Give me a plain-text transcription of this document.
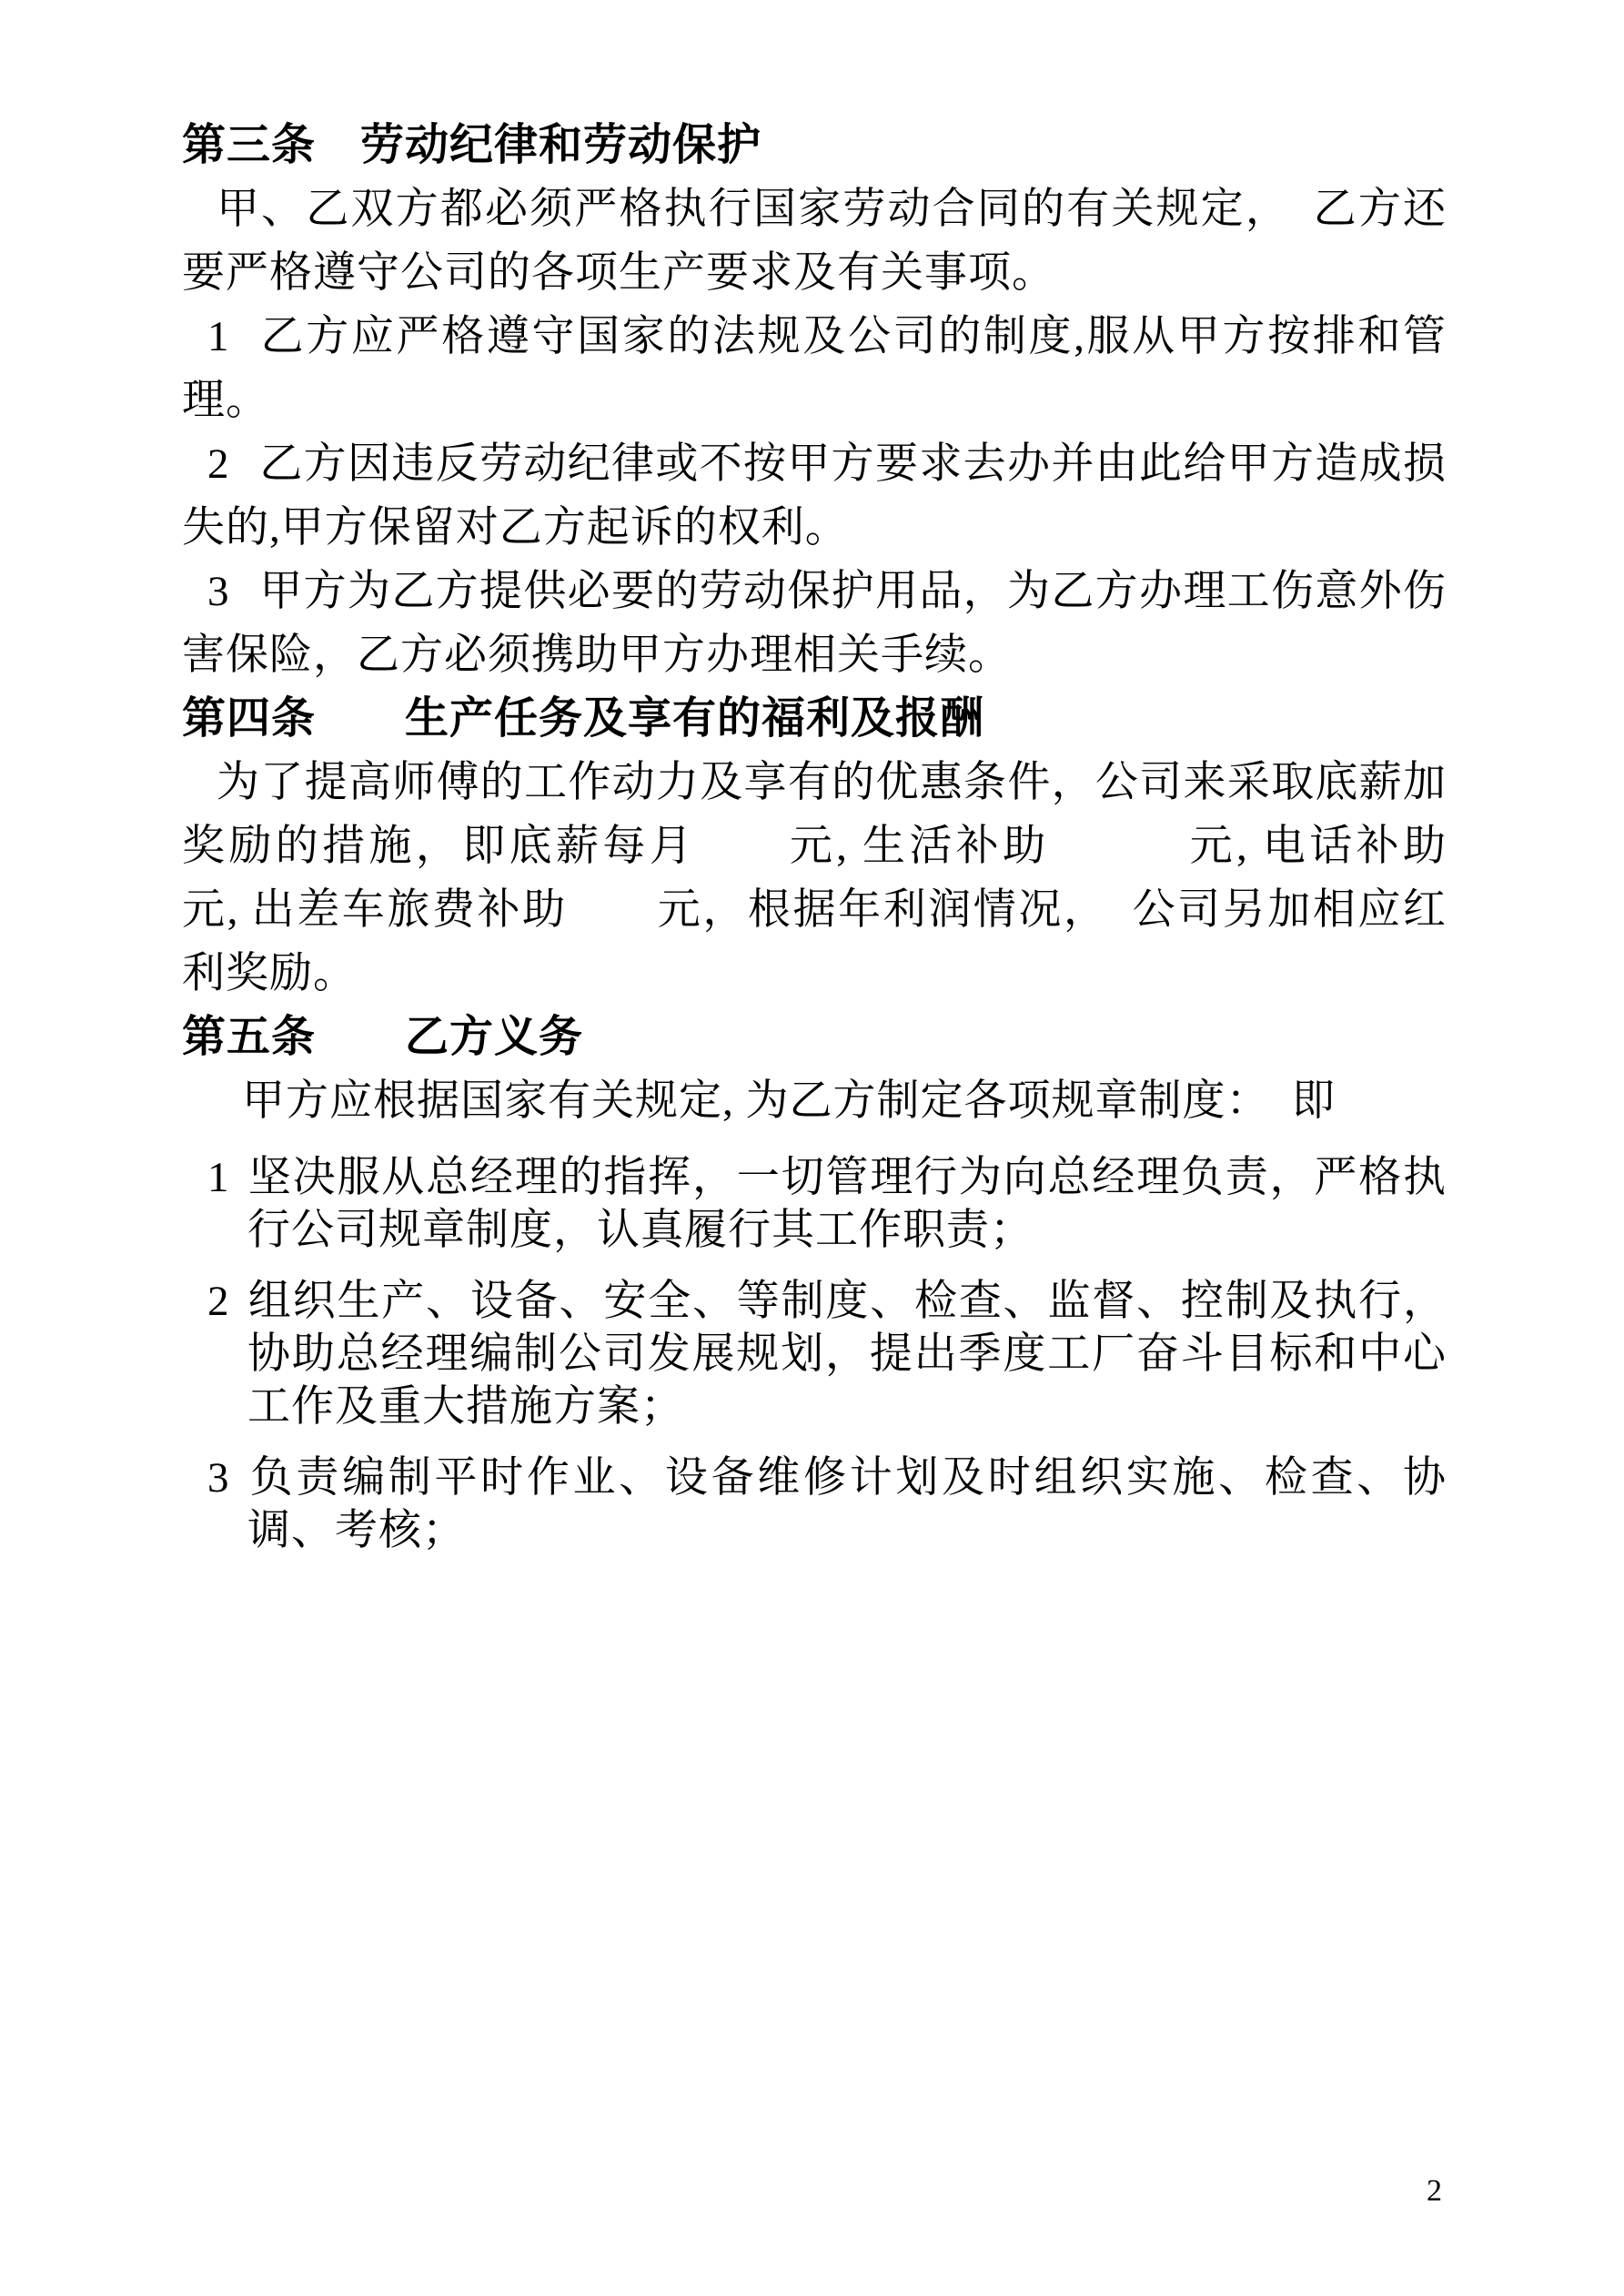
第三条　劳动纪律和劳动保护

甲、乙双方都必须严格执行国家劳动合同的有关规定，　乙方还要严格遵守公司的各项生产要求及有关事项。

1 乙方应严格遵守国家的法规及公司的制度,服从甲方按排和管理。

2 乙方因违反劳动纪律或不按甲方要求去办并由此给甲方造成损失的,甲方保留对乙方起诉的权利。

3 甲方为乙方提供必要的劳动保护用品，为乙方办理工伤意外伤害保险，乙方必须携助甲方办理相关手续。

第四条　　生产任务及享有的福利及报酬

为了提高师傅的工作动力及享有的优惠条件，公司来采取底薪加奖励的措施，即底薪每月　　元, 生活补助　　　元, 电话补助　　元, 出差车旅费补助　　元，根据年利润情况，　公司另加相应红利奖励。

第五条　　乙方义务

甲方应根据国家有关规定, 为乙方制定各项规章制度：　即

1 坚决服从总经理的指挥，一切管理行为向总经理负责，严格执行公司规章制度，认真履行其工作职责；

2 组织生产、设备、安全、等制度、检查、监督、控制及执行，协助总经理编制公司发展规划，提出季度工厂奋斗目标和中心工作及重大措施方案；

3 负责编制平时作业、设备维修计划及时组织实施、检查、协调、考核；

2
